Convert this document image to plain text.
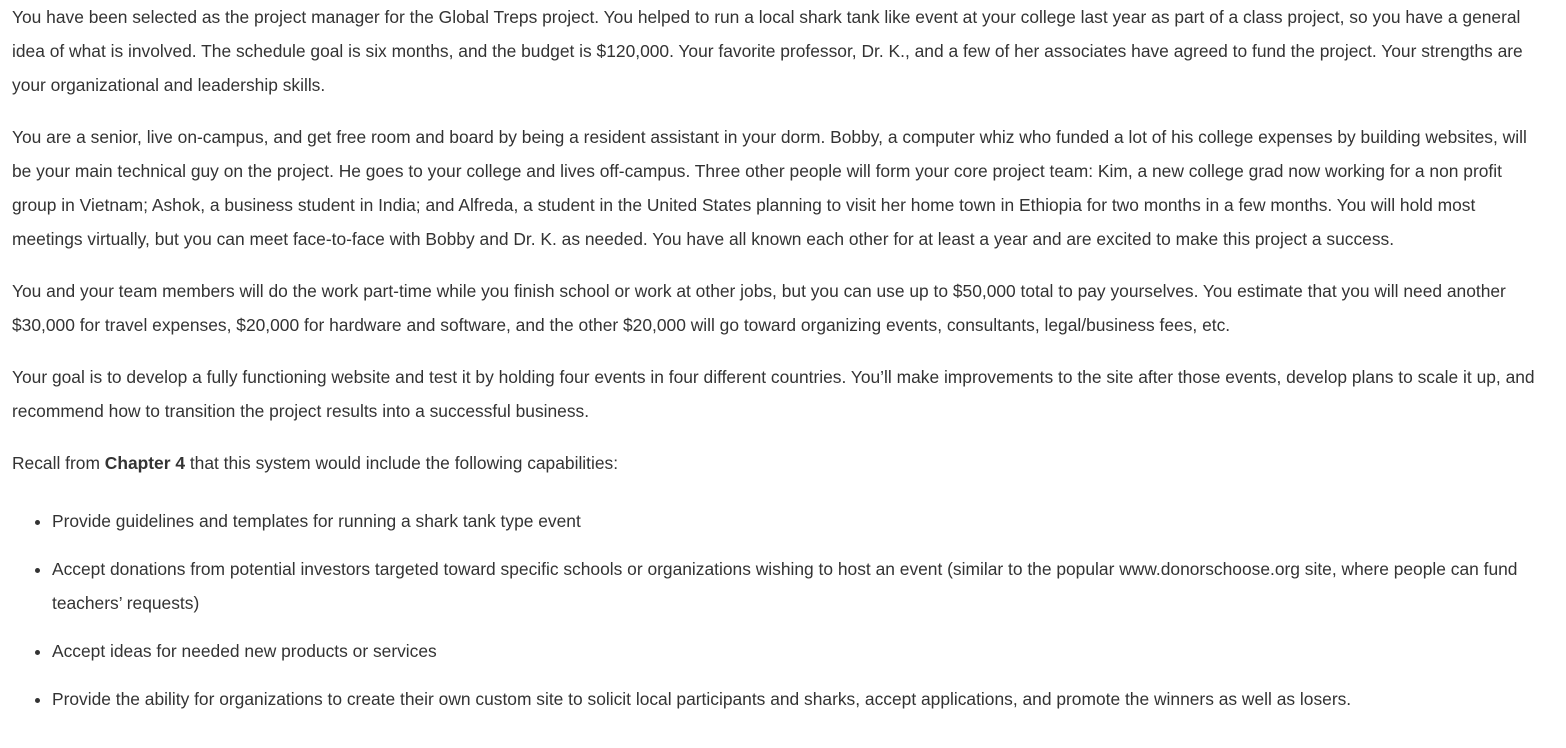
You have been selected as the project manager for the Global Treps project. You helped to run a local shark tank like event at your college last year as part of a class project, so you have a general idea of what is involved. The schedule goal is six months, and the budget is $120,000. Your favorite professor, Dr. K., and a few of her associates have agreed to fund the project. Your strengths are your organizational and leadership skills.

You are a senior, live on-campus, and get free room and board by being a resident assistant in your dorm. Bobby, a computer whiz who funded a lot of his college expenses by building websites, will be your main technical guy on the project. He goes to your college and lives off-campus. Three other people will form your core project team: Kim, a new college grad now working for a non profit group in Vietnam; Ashok, a business student in India; and Alfreda, a student in the United States planning to visit her home town in Ethiopia for two months in a few months. You will hold most meetings virtually, but you can meet face-to-face with Bobby and Dr. K. as needed. You have all known each other for at least a year and are excited to make this project a success.

You and your team members will do the work part-time while you finish school or work at other jobs, but you can use up to $50,000 total to pay yourselves. You estimate that you will need another $30,000 for travel expenses, $20,000 for hardware and software, and the other $20,000 will go toward organizing events, consultants, legal/business fees, etc.

Your goal is to develop a fully functioning website and test it by holding four events in four different countries. You’ll make improvements to the site after those events, develop plans to scale it up, and recommend how to transition the project results into a successful business.

Recall from Chapter 4 that this system would include the following capabilities:

• Provide guidelines and templates for running a shark tank type event
• Accept donations from potential investors targeted toward specific schools or organizations wishing to host an event (similar to the popular www.donorschoose.org site, where people can fund teachers’ requests)
• Accept ideas for needed new products or services
• Provide the ability for organizations to create their own custom site to solicit local participants and sharks, accept applications, and promote the winners as well as losers.
